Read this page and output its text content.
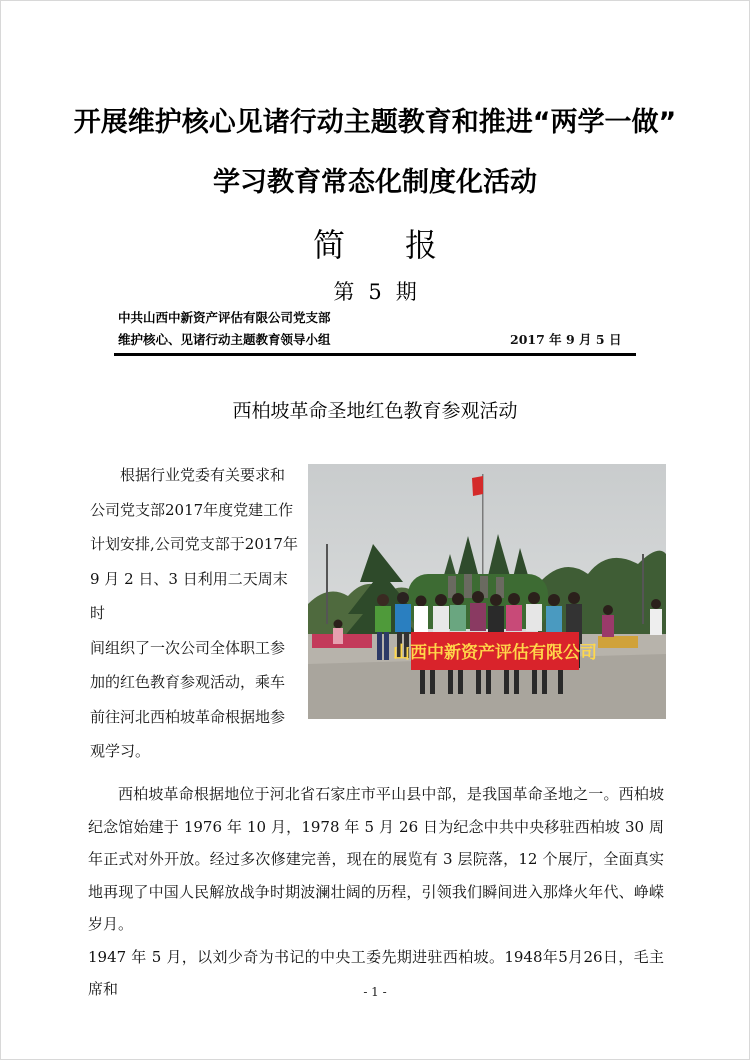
开展维护核心见诸行动主题教育和推进“两学一做”
学习教育常态化制度化活动
简 报
第 5 期
中共山西中新资产评估有限公司党支部
维护核心、见诸行动主题教育领导小组	2017 年 9 月 5 日
西柏坡革命圣地红色教育参观活动

根据行业党委有关要求和

公司党支部2017年度党建工作

计划安排,公司党支部于2017年

9 月 2 日、3 日利用二天周末时

间组织了一次公司全体职工参

加的红色教育参观活动，乘车

前往河北西柏坡革命根据地参

观学习。

山西中新资产评估有限公司

西柏坡革命根据地位于河北省石家庄市平山县中部，是我国革命圣地之一。西柏坡纪念馆始建于 1976 年 10 月，1978 年 5 月 26 日为纪念中共中央移驻西柏坡 30 周年正式对外开放。经过多次修建完善，现在的展览有 3 层院落，12 个展厅，全面真实地再现了中国人民解放战争时期波澜壮阔的历程，引领我们瞬间进入那烽火年代、峥嵘岁月。

1947 年 5 月，以刘少奇为书记的中央工委先期进驻西柏坡。1948年5月26日，毛主席和	- 1 -
